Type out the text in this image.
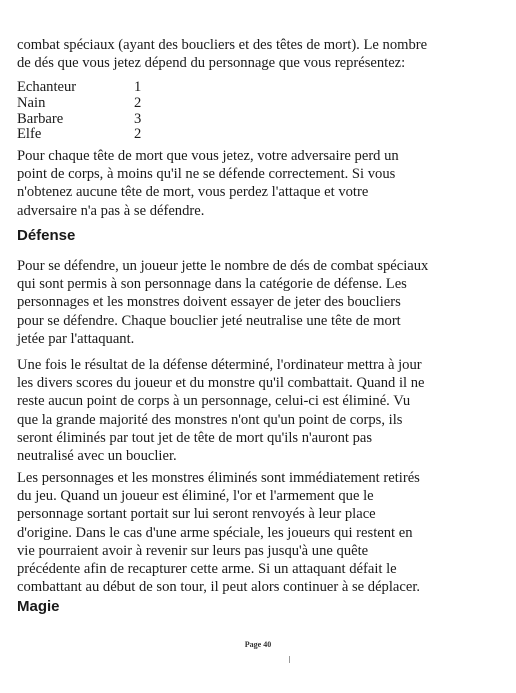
combat spéciaux (ayant des boucliers et des têtes de mort). Le nombre
de dés que vous jetez dépend du personnage que vous représentez:

Echanteur	1
Nain	2
Barbare	3
Elfe	2

Pour chaque tête de mort que vous jetez, votre adversaire perd un
point de corps, à moins qu'il ne se défende correctement. Si vous
n'obtenez aucune tête de mort, vous perdez l'attaque et votre
adversaire n'a pas à se défendre.

Défense

Pour se défendre, un joueur jette le nombre de dés de combat spéciaux
qui sont permis à son personnage dans la catégorie de défense. Les
personnages et les monstres doivent essayer de jeter des boucliers
pour se défendre. Chaque bouclier jeté neutralise une tête de mort
jetée par l'attaquant.

Une fois le résultat de la défense déterminé, l'ordinateur mettra à jour
les divers scores du joueur et du monstre qu'il combattait. Quand il ne
reste aucun point de corps à un personnage, celui-ci est éliminé. Vu
que la grande majorité des monstres n'ont qu'un point de corps, ils
seront éliminés par tout jet de tête de mort qu'ils n'auront pas
neutralisé avec un bouclier.

Les personnages et les monstres éliminés sont immédiatement retirés
du jeu. Quand un joueur est éliminé, l'or et l'armement que le
personnage sortant portait sur lui seront renvoyés à leur place
d'origine. Dans le cas d'une arme spéciale, les joueurs qui restent en
vie pourraient avoir à revenir sur leurs pas jusqu'à une quête
précédente afin de recapturer cette arme. Si un attaquant défait le
combattant au début de son tour, il peut alors continuer à se déplacer.

Magie
Page 40
